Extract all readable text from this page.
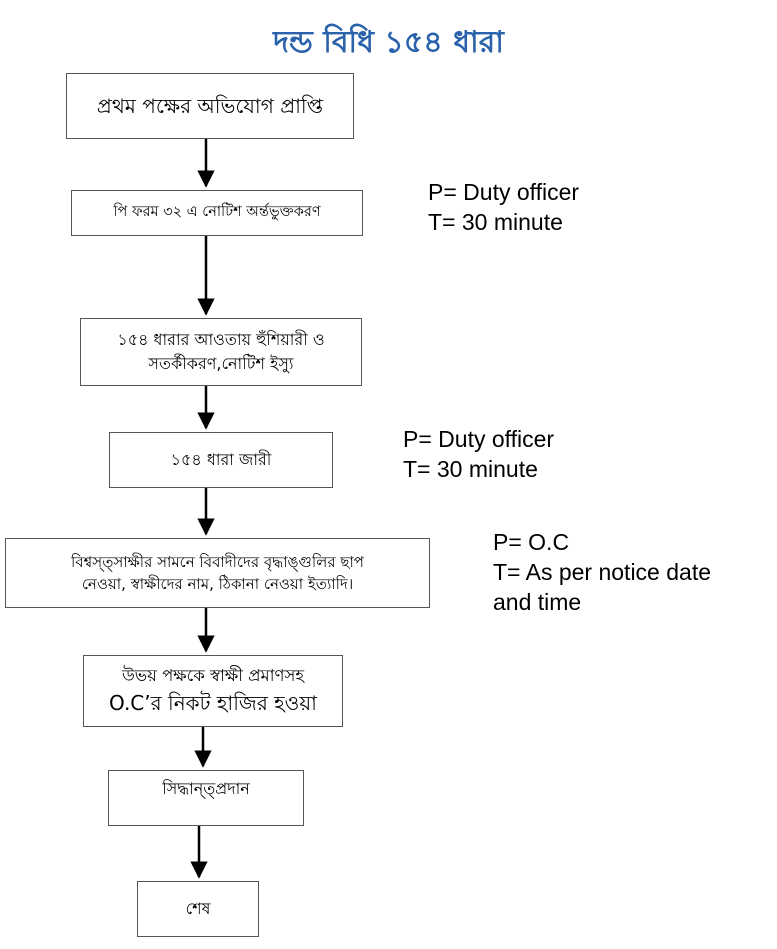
দন্ড বিধি ১৫৪ ধারা
প্রথম পক্ষের অভিযোগ প্রাপ্তি
পি ফরম ৩২ এ নোটিশ অর্ন্তভুক্তকরণ
১৫৪ ধারার আওতায় হুঁশিয়ারী ও
সতর্কীকরণ,নোটিশ ইস্যু
১৫৪ ধারা জারী
বিশ্বস্ত্সাক্ষীর সামনে বিবাদীদের বৃদ্ধাঙ্গুলির ছাপ
নেওয়া, স্বাক্ষীদের নাম, ঠিকানা নেওয়া ইত্যাদি।
উভয় পক্ষকে স্বাক্ষী প্রমাণসহ
O.C’র নিকট হাজির হওয়া
সিদ্ধান্ত্প্রদান
শেষ
P= Duty officer
T= 30 minute
P= Duty officer
T= 30 minute
P= O.C
T= As per notice date
and time
